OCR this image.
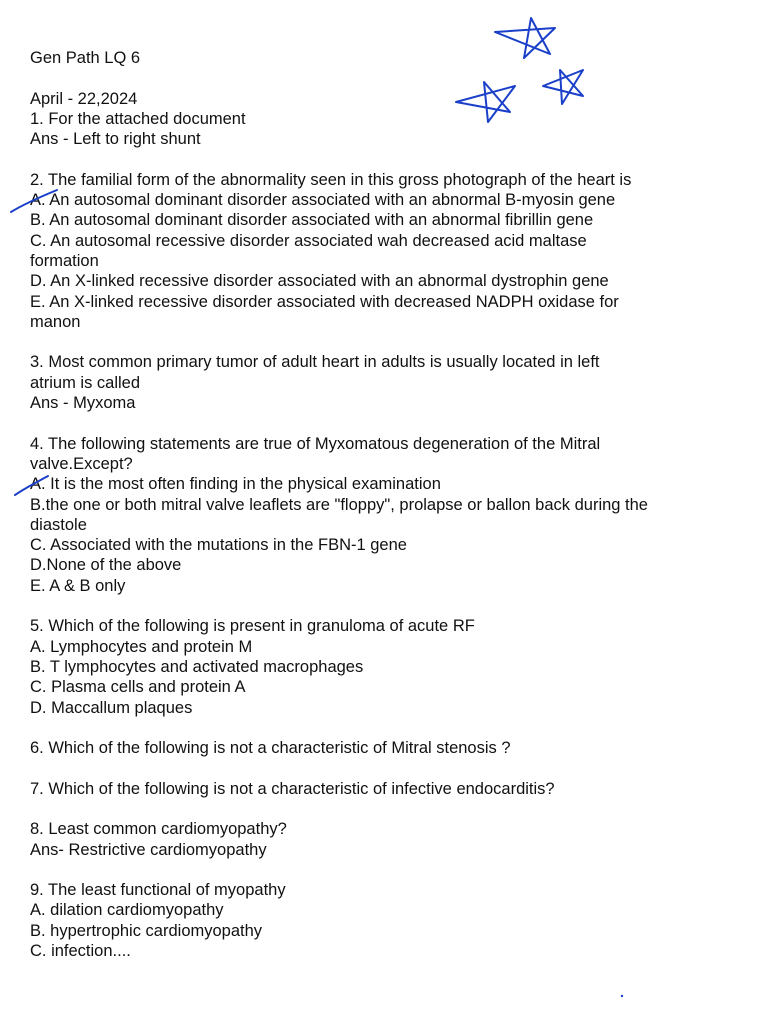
Gen Path LQ 6
April - 22,2024
1. For the attached document
Ans - Left to right shunt
2. The familial form of the abnormality seen in this gross photograph of the heart is
A. An autosomal dominant disorder associated with an abnormal B-myosin gene
B. An autosomal dominant disorder associated with an abnormal fibrillin gene
C. An autosomal recessive disorder associated wah decreased acid maltase
formation
D. An X-linked recessive disorder associated with an abnormal dystrophin gene
E. An X-linked recessive disorder associated with decreased NADPH oxidase for
manon
3. Most common primary tumor of adult heart in adults is usually located in left
atrium is called
Ans - Myxoma
4. The following statements are true of Myxomatous degeneration of the Mitral
valve.Except?
A. It is the most often finding in the physical examination
B.the one or both mitral valve leaflets are "floppy", prolapse or ballon back during the
diastole
C. Associated with the mutations in the FBN-1 gene
D.None of the above
E. A & B only
5. Which of the following is present in granuloma of acute RF
A. Lymphocytes and protein M
B. T lymphocytes and activated macrophages
C. Plasma cells and protein A
D. Maccallum plaques
6. Which of the following is not a characteristic of Mitral stenosis ?
7. Which of the following is not a characteristic of infective endocarditis?
8. Least common cardiomyopathy?
Ans- Restrictive cardiomyopathy
9. The least functional of myopathy
A. dilation cardiomyopathy
B. hypertrophic cardiomyopathy
C. infection....
